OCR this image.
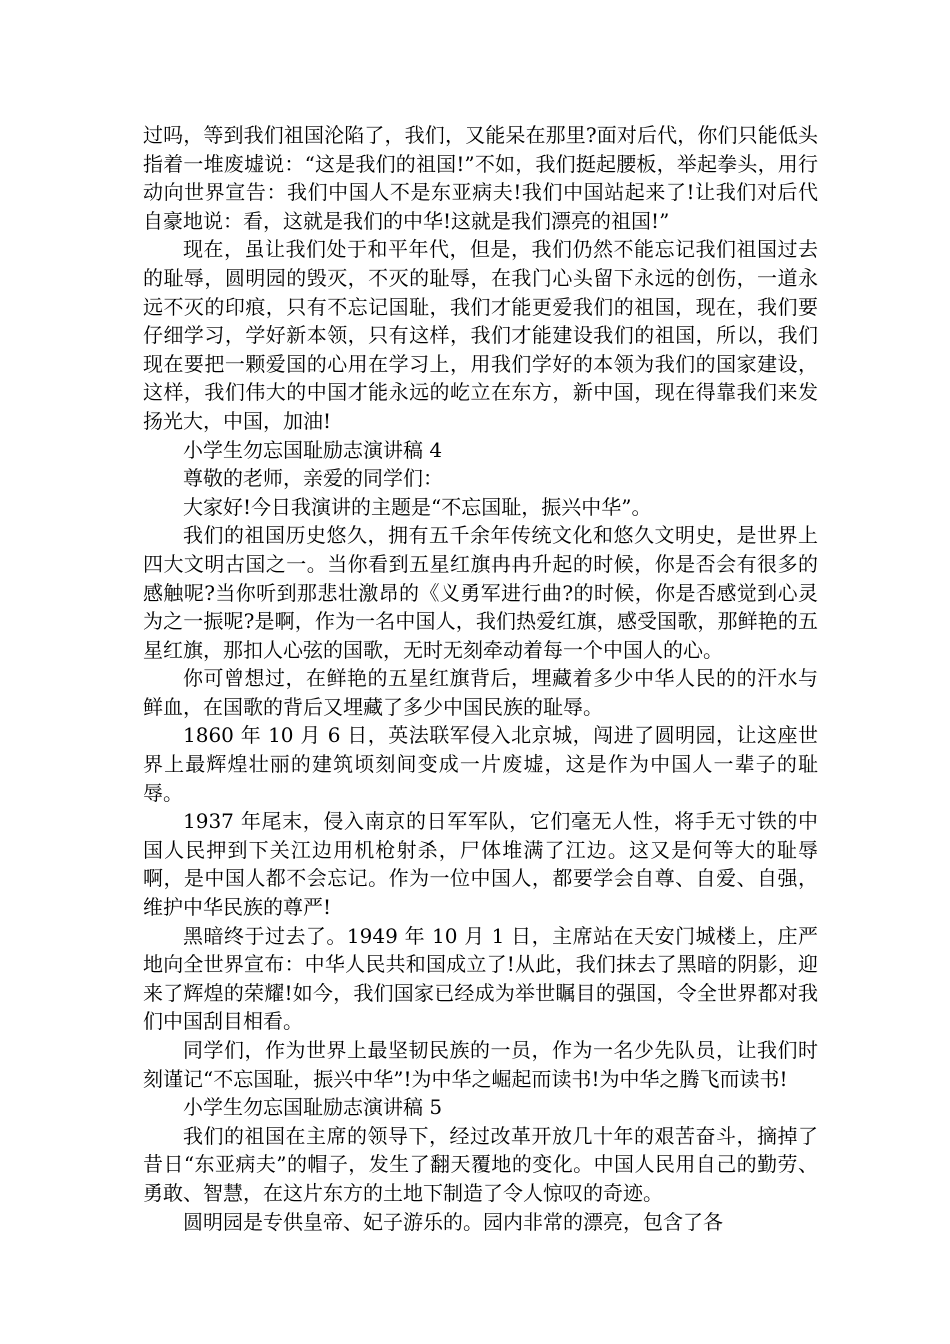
过吗，等到我们祖国沦陷了，我们，又能呆在那里?面对后代，你们只能低头指着一堆废墟说：“这是我们的祖国!”不如，我们挺起腰板，举起拳头，用行动向世界宣告：我们中国人不是东亚病夫!我们中国站起来了!让我们对后代自豪地说：看，这就是我们的中华!这就是我们漂亮的祖国!”

现在，虽让我们处于和平年代，但是，我们仍然不能忘记我们祖国过去的耻辱，圆明园的毁灭，不灭的耻辱，在我门心头留下永远的创伤，一道永远不灭的印痕，只有不忘记国耻，我们才能更爱我们的祖国，现在，我们要仔细学习，学好新本领，只有这样，我们才能建设我们的祖国，所以，我们现在要把一颗爱国的心用在学习上，用我们学好的本领为我们的国家建设，这样，我们伟大的中国才能永远的屹立在东方，新中国，现在得靠我们来发扬光大，中国，加油!

小学生勿忘国耻励志演讲稿 4

尊敬的老师，亲爱的同学们：

大家好!今日我演讲的主题是“不忘国耻，振兴中华”。

我们的祖国历史悠久，拥有五千余年传统文化和悠久文明史，是世界上四大文明古国之一。当你看到五星红旗冉冉升起的时候，你是否会有很多的感触呢?当你听到那悲壮激昂的《义勇军进行曲?的时候，你是否感觉到心灵为之一振呢?是啊，作为一名中国人，我们热爱红旗，感受国歌，那鲜艳的五星红旗，那扣人心弦的国歌，无时无刻牵动着每一个中国人的心。

你可曾想过，在鲜艳的五星红旗背后，埋藏着多少中华人民的的汗水与鲜血，在国歌的背后又埋藏了多少中国民族的耻辱。

1860 年 10 月 6 日，英法联军侵入北京城，闯进了圆明园，让这座世界上最辉煌壮丽的建筑顷刻间变成一片废墟，这是作为中国人一辈子的耻辱。

1937 年尾末，侵入南京的日军军队，它们毫无人性，将手无寸铁的中国人民押到下关江边用机枪射杀，尸体堆满了江边。这又是何等大的耻辱啊，是中国人都不会忘记。作为一位中国人，都要学会自尊、自爱、自强，维护中华民族的尊严!

黑暗终于过去了。1949 年 10 月 1 日，主席站在天安门城楼上，庄严地向全世界宣布：中华人民共和国成立了!从此，我们抹去了黑暗的阴影，迎来了辉煌的荣耀!如今，我们国家已经成为举世瞩目的强国，令全世界都对我们中国刮目相看。

同学们，作为世界上最坚韧民族的一员，作为一名少先队员，让我们时刻谨记“不忘国耻，振兴中华”!为中华之崛起而读书!为中华之腾飞而读书!

小学生勿忘国耻励志演讲稿 5

我们的祖国在主席的领导下，经过改革开放几十年的艰苦奋斗，摘掉了昔日“东亚病夫”的帽子，发生了翻天覆地的变化。中国人民用自己的勤劳、勇敢、智慧，在这片东方的土地下制造了令人惊叹的奇迹。

圆明园是专供皇帝、妃子游乐的。园内非常的漂亮，包含了各
